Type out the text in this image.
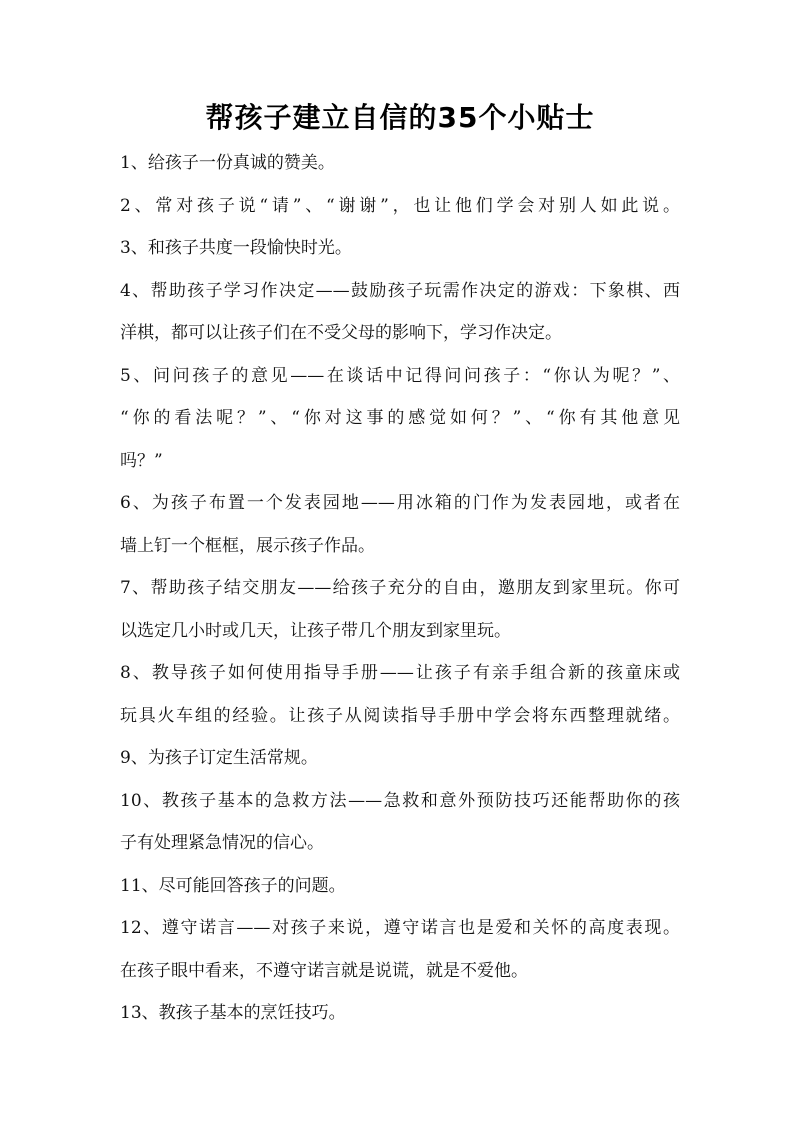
帮孩子建立自信的35个小贴士
1、给孩子一份真诚的赞美。
2、常对孩子说“请”、“谢谢”，也让他们学会对别人如此说。
3、和孩子共度一段愉快时光。
4、帮助孩子学习作决定——鼓励孩子玩需作决定的游戏：下象棋、西
洋棋，都可以让孩子们在不受父母的影响下，学习作决定。
5、问问孩子的意见——在谈话中记得问问孩子：“你认为呢？”、
“你的看法呢？”、“你对这事的感觉如何？”、“你有其他意见
吗？”
6、为孩子布置一个发表园地——用冰箱的门作为发表园地，或者在
墙上钉一个框框，展示孩子作品。
7、帮助孩子结交朋友——给孩子充分的自由，邀朋友到家里玩。你可
以选定几小时或几天，让孩子带几个朋友到家里玩。
8、教导孩子如何使用指导手册——让孩子有亲手组合新的孩童床或
玩具火车组的经验。让孩子从阅读指导手册中学会将东西整理就绪。
9、为孩子订定生活常规。
10、教孩子基本的急救方法——急救和意外预防技巧还能帮助你的孩
子有处理紧急情况的信心。
11、尽可能回答孩子的问题。
12、遵守诺言——对孩子来说，遵守诺言也是爱和关怀的高度表现。
在孩子眼中看来，不遵守诺言就是说谎，就是不爱他。
13、教孩子基本的烹饪技巧。
